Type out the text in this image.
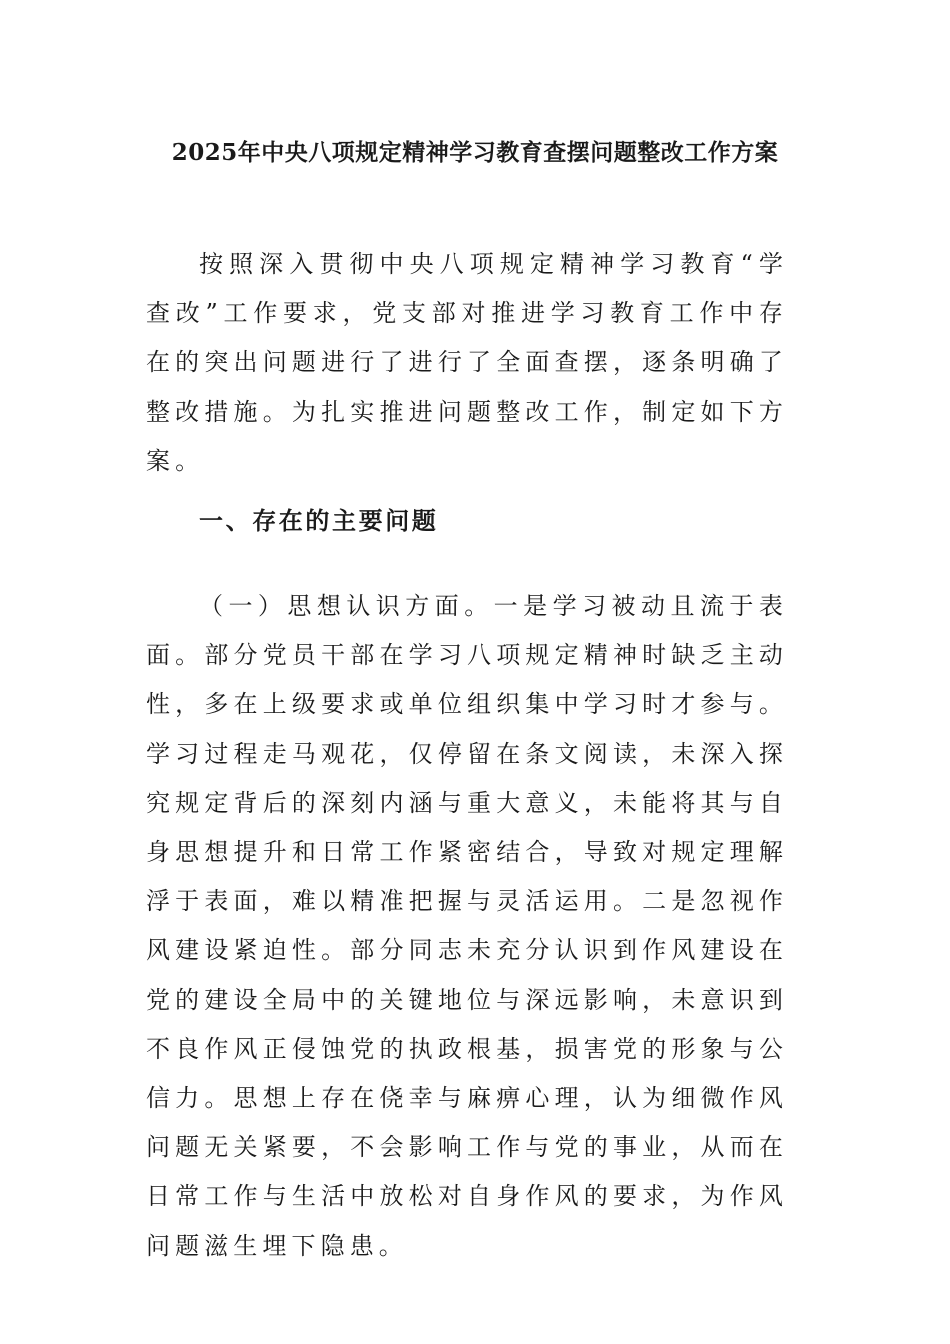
2025年中央八项规定精神学习教育查摆问题整改工作方案

按照深入贯彻中央八项规定精神学习教育“学查改”工作要求，党支部对推进学习教育工作中存在的突出问题进行了进行了全面查摆，逐条明确了整改措施。为扎实推进问题整改工作，制定如下方案。

一、存在的主要问题

（一）思想认识方面。一是学习被动且流于表面。部分党员干部在学习八项规定精神时缺乏主动性，多在上级要求或单位组织集中学习时才参与。学习过程走马观花，仅停留在条文阅读，未深入探究规定背后的深刻内涵与重大意义，未能将其与自身思想提升和日常工作紧密结合，导致对规定理解浮于表面，难以精准把握与灵活运用。二是忽视作风建设紧迫性。部分同志未充分认识到作风建设在党的建设全局中的关键地位与深远影响，未意识到不良作风正侵蚀党的执政根基，损害党的形象与公信力。思想上存在侥幸与麻痹心理，认为细微作风问题无关紧要，不会影响工作与党的事业，从而在日常工作与生活中放松对自身作风的要求，为作风问题滋生埋下隐患。
